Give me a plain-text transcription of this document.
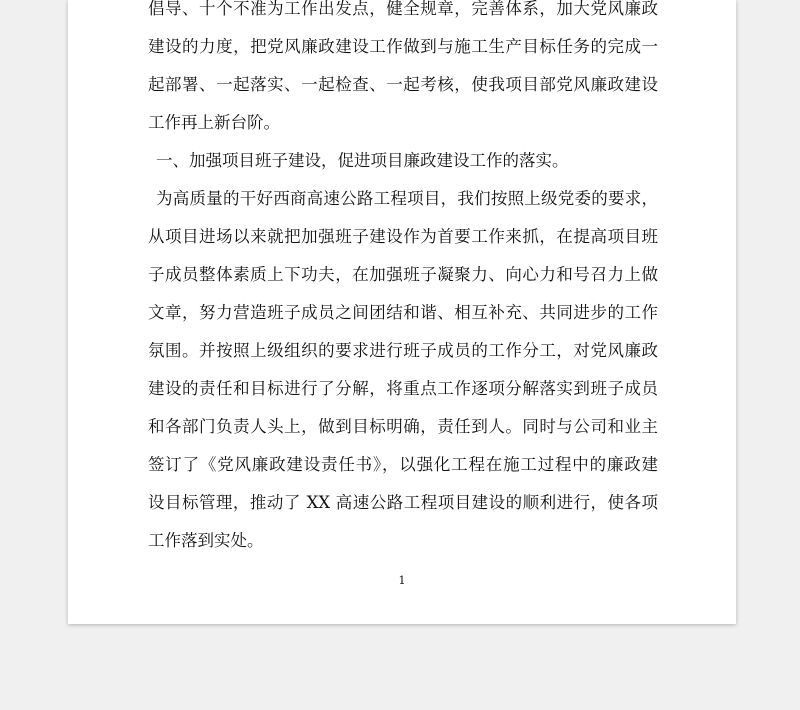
倡导、十个不准为工作出发点，健全规章，完善体系，加大党风廉政
建设的力度，把党风廉政建设工作做到与施工生产目标任务的完成一
起部署、一起落实、一起检查、一起考核，使我项目部党风廉政建设
工作再上新台阶。
一、加强项目班子建设，促进项目廉政建设工作的落实。
为高质量的干好西商高速公路工程项目，我们按照上级党委的要求，
从项目进场以来就把加强班子建设作为首要工作来抓，在提高项目班
子成员整体素质上下功夫，在加强班子凝聚力、向心力和号召力上做
文章，努力营造班子成员之间团结和谐、相互补充、共同进步的工作
氛围。并按照上级组织的要求进行班子成员的工作分工，对党风廉政
建设的责任和目标进行了分解，将重点工作逐项分解落实到班子成员
和各部门负责人头上，做到目标明确，责任到人。同时与公司和业主
签订了《党风廉政建设责任书》，以强化工程在施工过程中的廉政建
设目标管理，推动了 XX 高速公路工程项目建设的顺利进行，使各项
工作落到实处。
1
